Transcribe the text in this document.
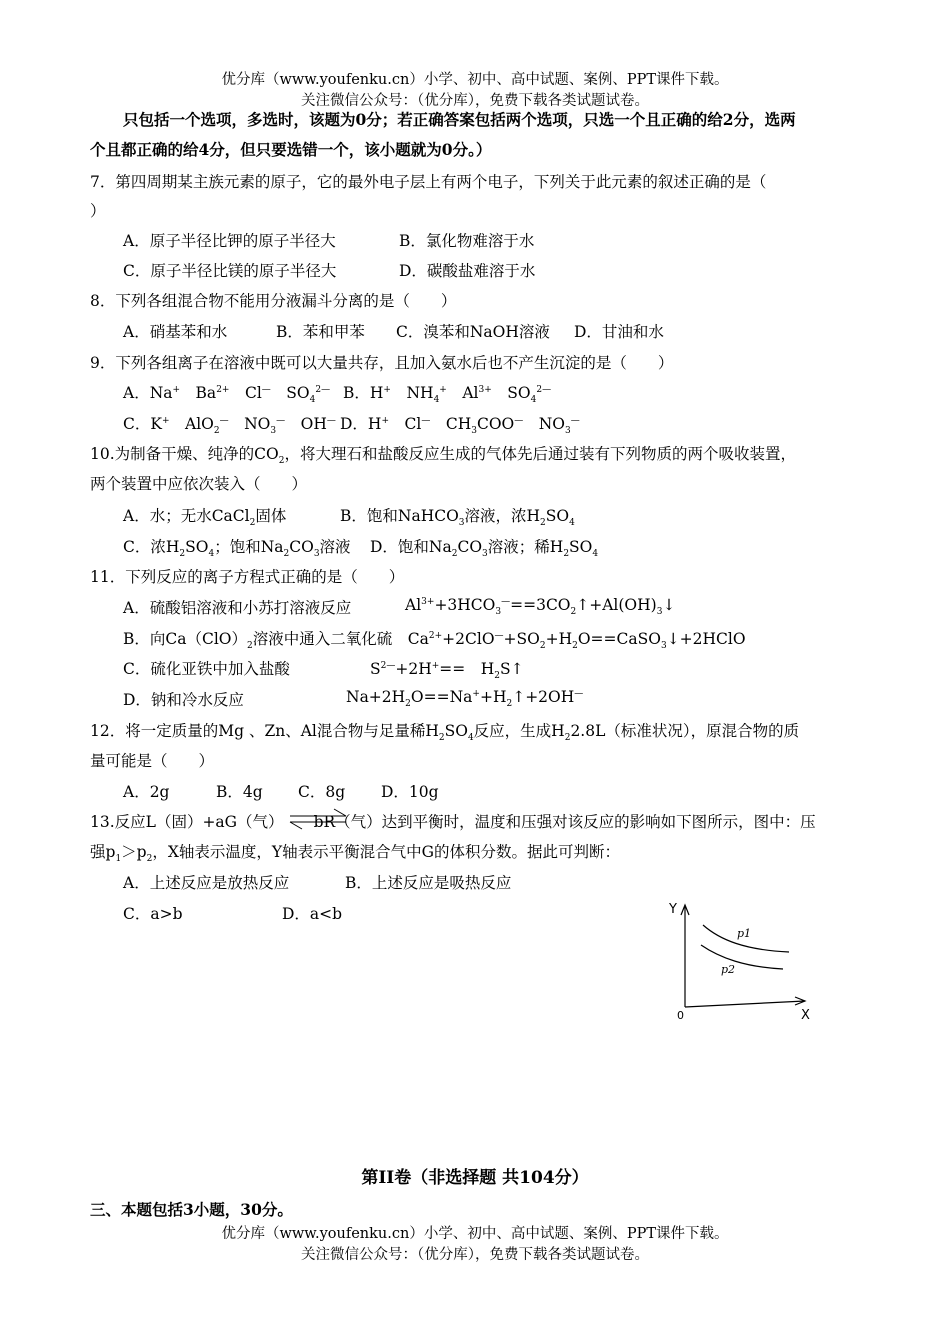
优分库（www.youfenku.cn）小学、初中、高中试题、案例、PPT课件下载。
关注微信公众号：（优分库），免费下载各类试题试卷。
只包括一个选项，多选时，该题为0分；若正确答案包括两个选项，只选一个且正确的给2分，选两
个且都正确的给4分，但只要选错一个，该小题就为0分。）
7．第四周期某主族元素的原子，它的最外电子层上有两个电子，下列关于此元素的叙述正确的是（
）
A．原子半径比钾的原子半径大	B．氯化物难溶于水
C．原子半径比镁的原子半径大	D．碳酸盐难溶于水
8．下列各组混合物不能用分液漏斗分离的是（　　）
A．硝基苯和水	B．苯和甲苯 C．溴苯和NaOH溶液 D．甘油和水
9．下列各组离子在溶液中既可以大量共存，且加入氨水后也不产生沉淀的是（　　）
A．Na+　$Ba^{2+}$　Cl—　$SO_4^{2—}$ B．H+　$NH_4^+$　$Al^{3+}$　$SO_4^{2—}$
C．K+　AlO$_2$—　$NO_3^—$　OH— D．H+　Cl—　$CH_3COO^—$　$NO_3^—$
10.为制备干燥、纯净的$CO_2$，将大理石和盐酸反应生成的气体先后通过装有下列物质的两个吸收装置，
两个装置中应依次装入（　　）
A．水；无水CaCl$_2$固体	B．饱和NaHCO$_3$溶液，浓$H_2SO_4$
C．浓$H_2SO_4$；饱和$Na_2CO_3$溶液 D．饱和$Na_2CO_3$溶液；稀$H_2SO_4$
11．下列反应的离子方程式正确的是（　　）
A．硫酸铝溶液和小苏打溶液反应	$Al^{3+}+3HCO_3^—==3CO_2↑+Al(OH)_3↓$
B．向$Ca(ClO)_2$溶液中通入二氧化硫　$Ca^{2+}+2ClO^—+SO_2+H_2O==CaSO_3↓+2HClO$
C．硫化亚铁中加入盐酸	$S^{2—}+2H^+==$　$H_2S↑$
D．钠和冷水反应	$Na+2H_2O==Na^++H_2↑+2OH^—$
12．将一定质量的Mg 、Zn、Al混合物与足量稀$H_2SO_4$反应，生成$H_22.8L$（标准状况），原混合物的质
量可能是（　　）
A．2g	B．4g C．8g D．10g
13.反应L（固）+aG（气） bR（气）达到平衡时，温度和压强对该反应的影响如下图所示，图中：压
强$p_1>p_2$，X轴表示温度，Y轴表示平衡混合气中G的体积分数。据此可判断：
A．上述反应是放热反应	B．上述反应是吸热反应
C．a>b	D．a<b	Y
X
0
p1
p2
第II卷（非选择题 共104分）
三、本题包括3小题，30分。
优分库（www.youfenku.cn）小学、初中、高中试题、案例、PPT课件下载。
关注微信公众号：（优分库），免费下载各类试题试卷。
